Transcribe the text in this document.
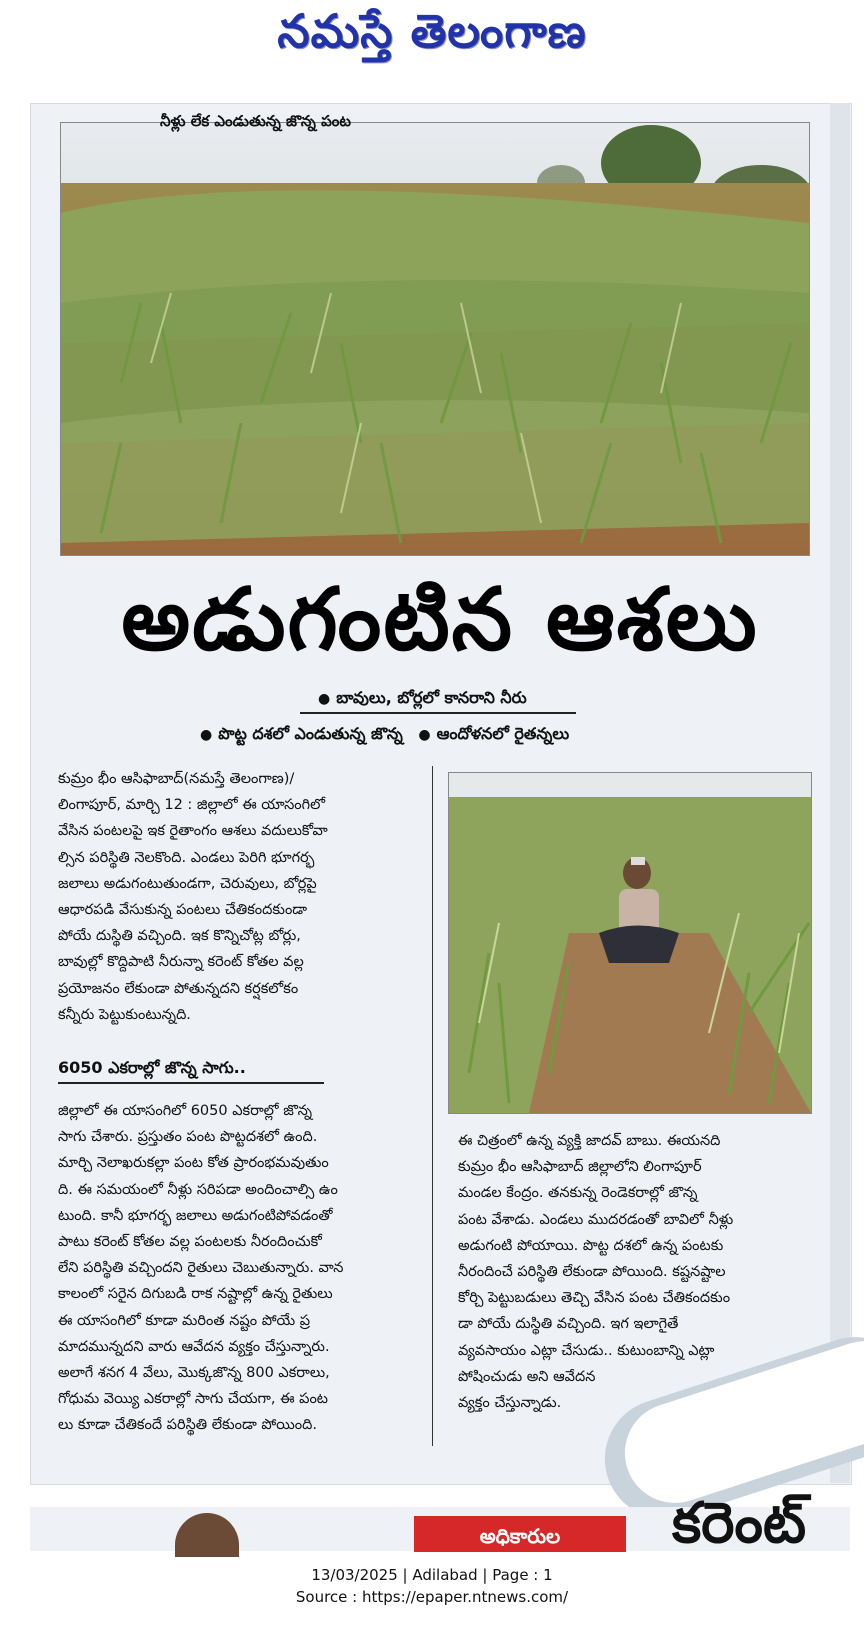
నమస్తే తెలంగాణ
నీళ్లు లేక ఎండుతున్న జొన్న పంట
అడుగంటిన ఆశలు
● బావులు, బోర్లలో కానరాని నీరు
● పొట్ట దశలో ఎండుతున్న జొన్న ● ఆందోళనలో రైతన్నలు

కుమ్రం భీం ఆసిఫాబాద్(నమస్తే తెలంగాణ)/

లింగాపూర్, మార్చి 12 : జిల్లాలో ఈ యాసంగిలో

వేసిన పంటలపై ఇక రైతాంగం ఆశలు వదులుకోవా

ల్సిన పరిస్థితి నెలకొంది. ఎండలు పెరిగి భూగర్భ

జలాలు అడుగంటుతుండగా, చెరువులు, బోర్లపై

ఆధారపడి వేసుకున్న పంటలు చేతికందకుండా

పోయే దుస్థితి వచ్చింది. ఇక కొన్నిచోట్ల బోర్లు,

బావుల్లో కొద్దిపాటి నీరున్నా కరెంట్ కోతల వల్ల

ప్రయోజనం లేకుండా పోతున్నదని కర్షకలోకం

కన్నీరు పెట్టుకుంటున్నది.

6050 ఎకరాల్లో జొన్న సాగు..

జిల్లాలో ఈ యాసంగిలో 6050 ఎకరాల్లో జొన్న

సాగు చేశారు. ప్రస్తుతం పంట పొట్టదశలో ఉంది.

మార్చి నెలాఖరుకల్లా పంట కోత ప్రారంభమవుతుం

ది. ఈ సమయంలో నీళ్లు సరిపడా అందించాల్సి ఉం

టుంది. కానీ భూగర్భ జలాలు అడుగంటిపోవడంతో

పాటు కరెంట్ కోతల వల్ల పంటలకు నీరందించుకో

లేని పరిస్థితి వచ్చిందని రైతులు చెబుతున్నారు. వాన

కాలంలో సరైన దిగుబడి రాక నష్టాల్లో ఉన్న రైతులు

ఈ యాసంగిలో కూడా మరింత నష్టం పోయే ప్ర

మాదమున్నదని వారు ఆవేదన వ్యక్తం చేస్తున్నారు.

అలాగే శనగ 4 వేలు, మొక్కజొన్న 800 ఎకరాలు,

గోధుమ వెయ్యి ఎకరాల్లో సాగు చేయగా, ఈ పంట

లు కూడా చేతికందే పరిస్థితి లేకుండా పోయింది.

ఈ చిత్రంలో ఉన్న వ్యక్తి జాదవ్ బాబు. ఈయనది

కుమ్రం భీం ఆసిఫాబాద్ జిల్లాలోని లింగాపూర్

మండల కేంద్రం. తనకున్న రెండెకరాల్లో జొన్న

పంట వేశాడు. ఎండలు ముదరడంతో బావిలో నీళ్లు

అడుగంటి పోయాయి. పొట్ట దశలో ఉన్న పంటకు

నీరందించే పరిస్థితి లేకుండా పోయింది. కష్టనష్టాల

కోర్చి పెట్టుబడులు తెచ్చి వేసిన పంట చేతికందకుం

డా పోయే దుస్థితి వచ్చింది. ఇగ ఇలాగైతే

వ్యవసాయం ఎట్లా చేసుడు.. కుటుంబాన్ని ఎట్లా

పోషించుడు అని ఆవేదన

వ్యక్తం చేస్తున్నాడు.

అధికారుల	కరెంట్
13/03/2025 | Adilabad | Page : 1
Source : https://epaper.ntnews.com/
